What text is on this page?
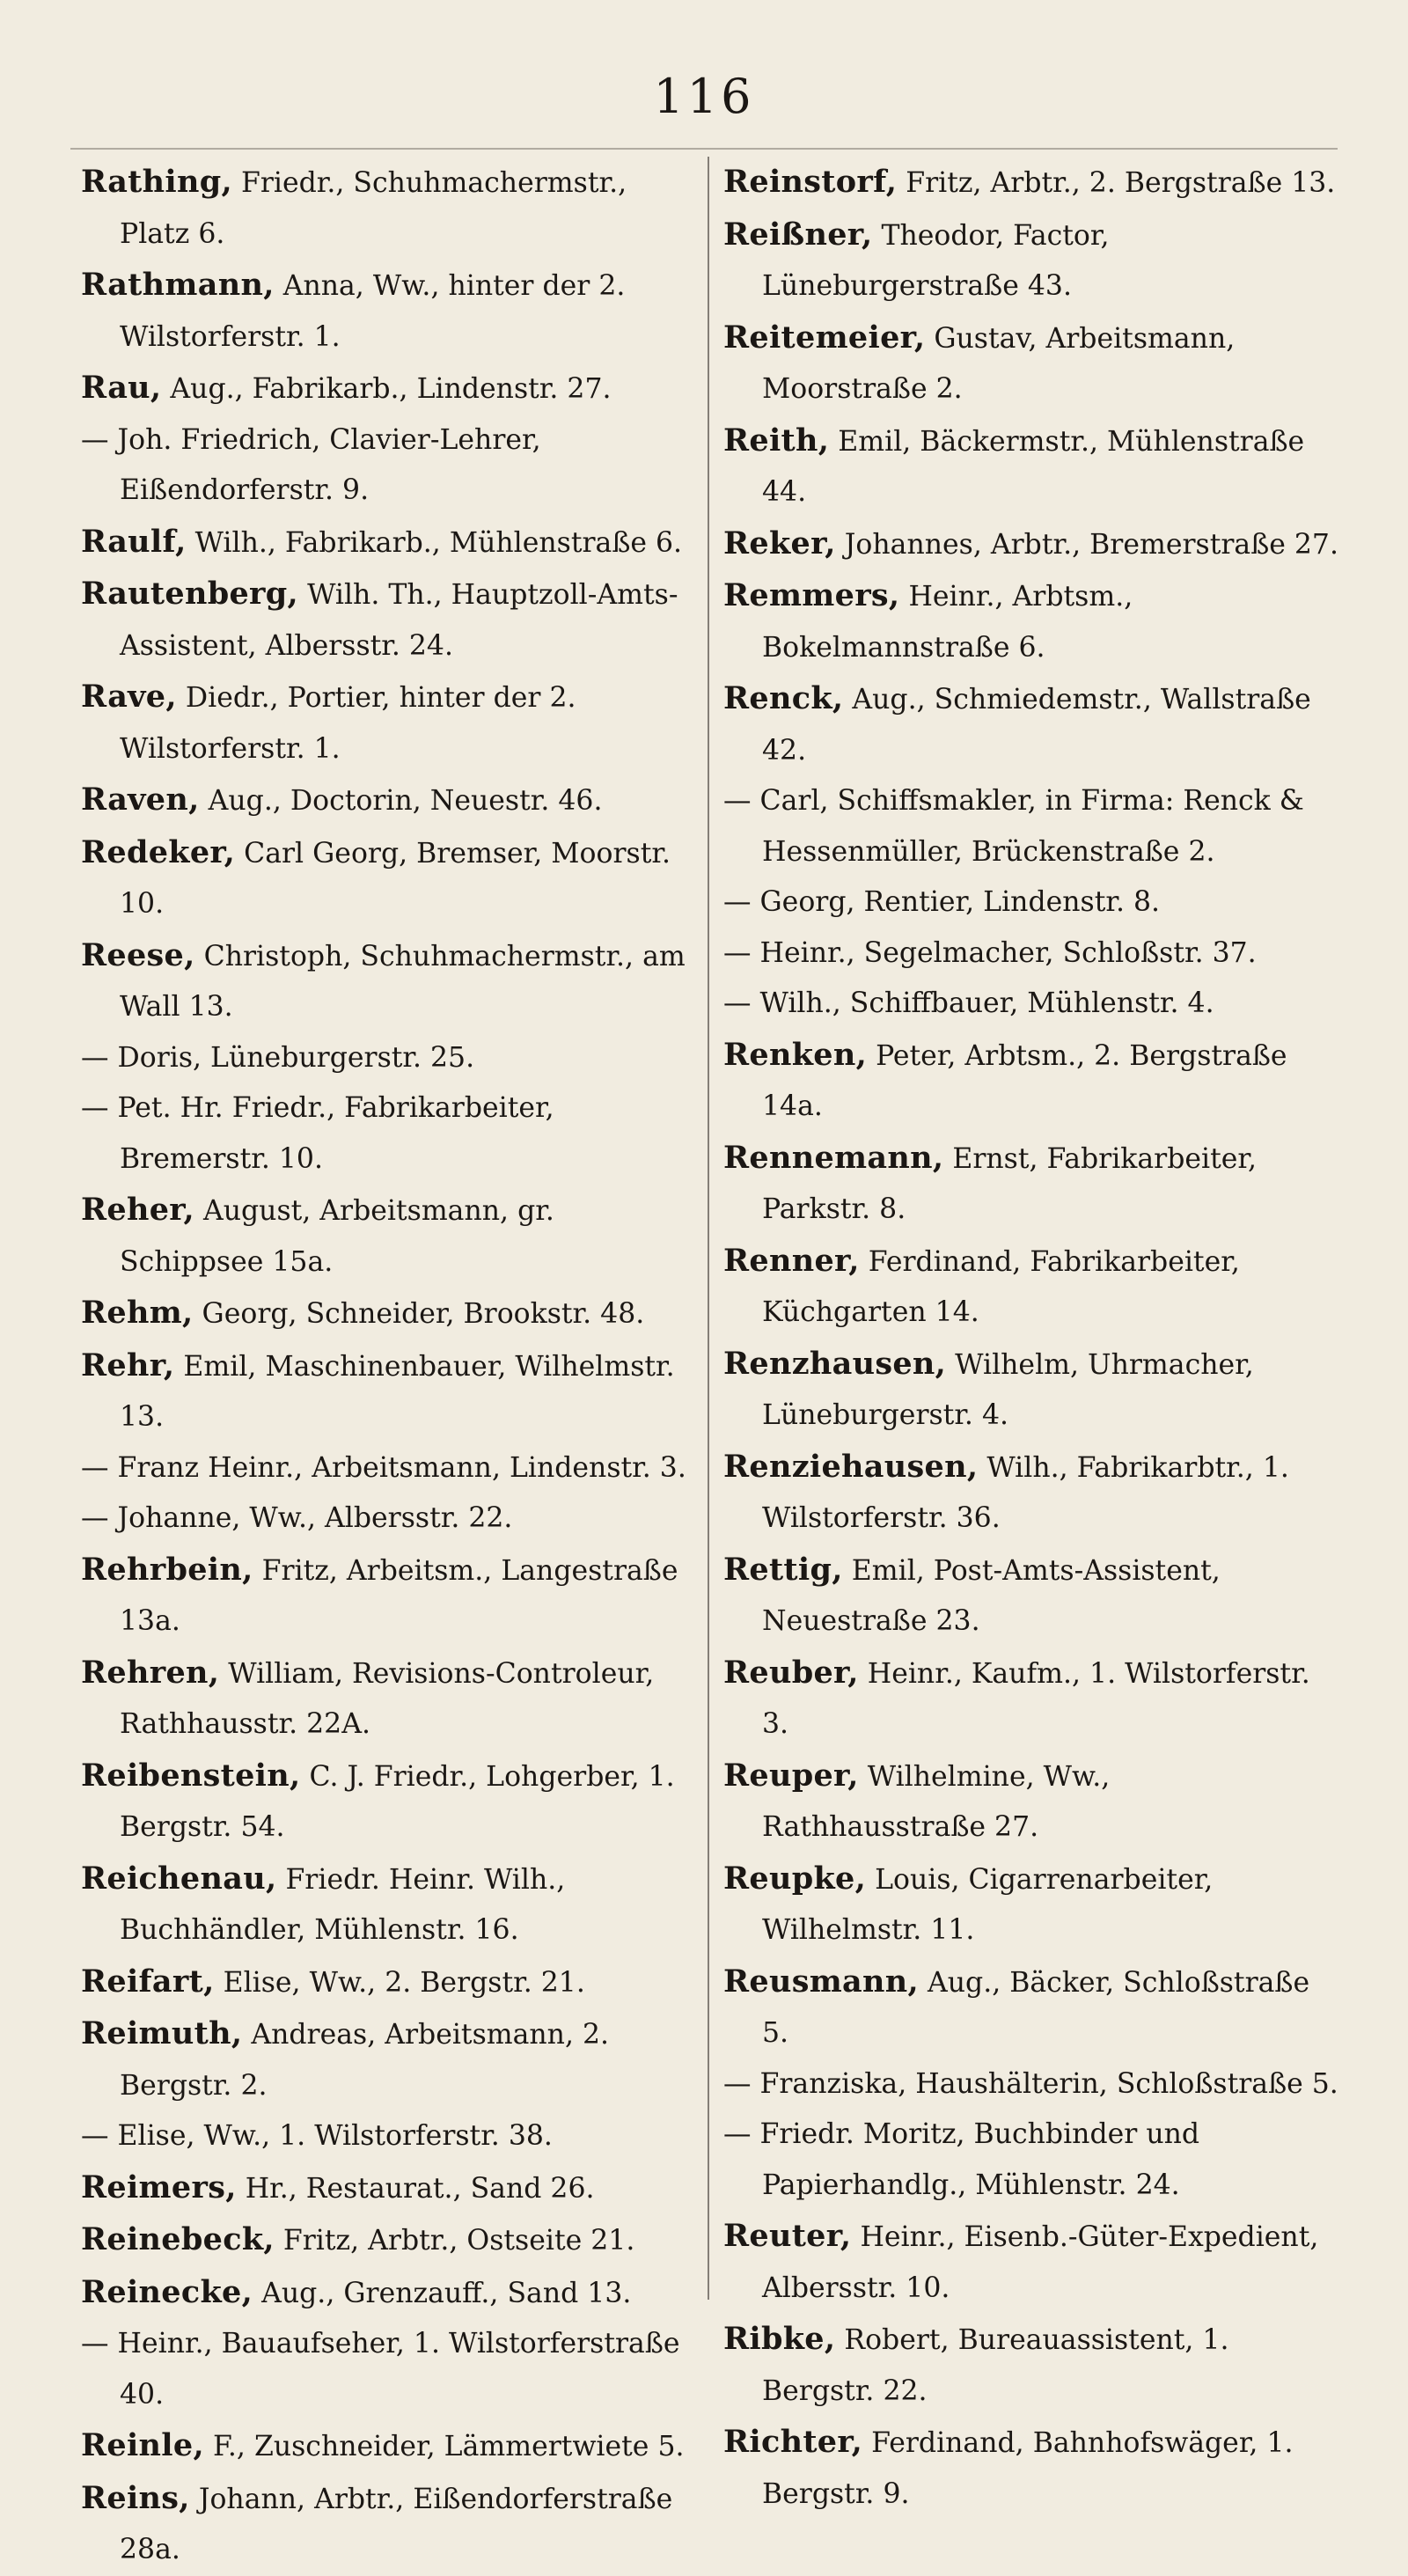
116
Rathing, Friedr., Schuhmachermstr., Platz 6.
Rathmann, Anna, Ww., hinter der 2. Wilstorferstr. 1.
Rau, Aug., Fabrikarb., Lindenstr. 27.
— Joh. Friedrich, Clavier-Lehrer, Eißendorferstr. 9.
Raulf, Wilh., Fabrikarb., Mühlenstraße 6.
Rautenberg, Wilh. Th., Hauptzoll-Amts-Assistent, Albersstr. 24.
Rave, Diedr., Portier, hinter der 2. Wilstorferstr. 1.
Raven, Aug., Doctorin, Neuestr. 46.
Redeker, Carl Georg, Bremser, Moorstr. 10.
Reese, Christoph, Schuhmachermstr., am Wall 13.
— Doris, Lüneburgerstr. 25.
— Pet. Hr. Friedr., Fabrikarbeiter, Bremerstr. 10.
Reher, August, Arbeitsmann, gr. Schippsee 15a.
Rehm, Georg, Schneider, Brookstr. 48.
Rehr, Emil, Maschinenbauer, Wilhelmstr. 13.
— Franz Heinr., Arbeitsmann, Lindenstr. 3.
— Johanne, Ww., Albersstr. 22.
Rehrbein, Fritz, Arbeitsm., Langestraße 13a.
Rehren, William, Revisions-Controleur, Rathhausstr. 22A.
Reibenstein, C. J. Friedr., Lohgerber, 1. Bergstr. 54.
Reichenau, Friedr. Heinr. Wilh., Buchhändler, Mühlenstr. 16.
Reifart, Elise, Ww., 2. Bergstr. 21.
Reimuth, Andreas, Arbeitsmann, 2. Bergstr. 2.
— Elise, Ww., 1. Wilstorferstr. 38.
Reimers, Hr., Restaurat., Sand 26.
Reinebeck, Fritz, Arbtr., Ostseite 21.
Reinecke, Aug., Grenzauff., Sand 13.
— Heinr., Bauaufseher, 1. Wilstorferstraße 40.
Reinle, F., Zuschneider, Lämmertwiete 5.
Reins, Johann, Arbtr., Eißendorferstraße 28a.
Reinstorf, Fritz, Arbtr., 2. Bergstraße 13.
Reißner, Theodor, Factor, Lüneburgerstraße 43.
Reitemeier, Gustav, Arbeitsmann, Moorstraße 2.
Reith, Emil, Bäckermstr., Mühlenstraße 44.
Reker, Johannes, Arbtr., Bremerstraße 27.
Remmers, Heinr., Arbtsm., Bokelmannstraße 6.
Renck, Aug., Schmiedemstr., Wallstraße 42.
— Carl, Schiffsmakler, in Firma: Renck & Hessenmüller, Brückenstraße 2.
— Georg, Rentier, Lindenstr. 8.
— Heinr., Segelmacher, Schloßstr. 37.
— Wilh., Schiffbauer, Mühlenstr. 4.
Renken, Peter, Arbtsm., 2. Bergstraße 14a.
Rennemann, Ernst, Fabrikarbeiter, Parkstr. 8.
Renner, Ferdinand, Fabrikarbeiter, Küchgarten 14.
Renzhausen, Wilhelm, Uhrmacher, Lüneburgerstr. 4.
Renziehausen, Wilh., Fabrikarbtr., 1. Wilstorferstr. 36.
Rettig, Emil, Post-Amts-Assistent, Neuestraße 23.
Reuber, Heinr., Kaufm., 1. Wilstorferstr. 3.
Reuper, Wilhelmine, Ww., Rathhausstraße 27.
Reupke, Louis, Cigarrenarbeiter, Wilhelmstr. 11.
Reusmann, Aug., Bäcker, Schloßstraße 5.
— Franziska, Haushälterin, Schloßstraße 5.
— Friedr. Moritz, Buchbinder und Papierhandlg., Mühlenstr. 24.
Reuter, Heinr., Eisenb.-Güter-Expedient, Albersstr. 10.
Ribke, Robert, Bureauassistent, 1. Bergstr. 22.
Richter, Ferdinand, Bahnhofswäger, 1. Bergstr. 9.
